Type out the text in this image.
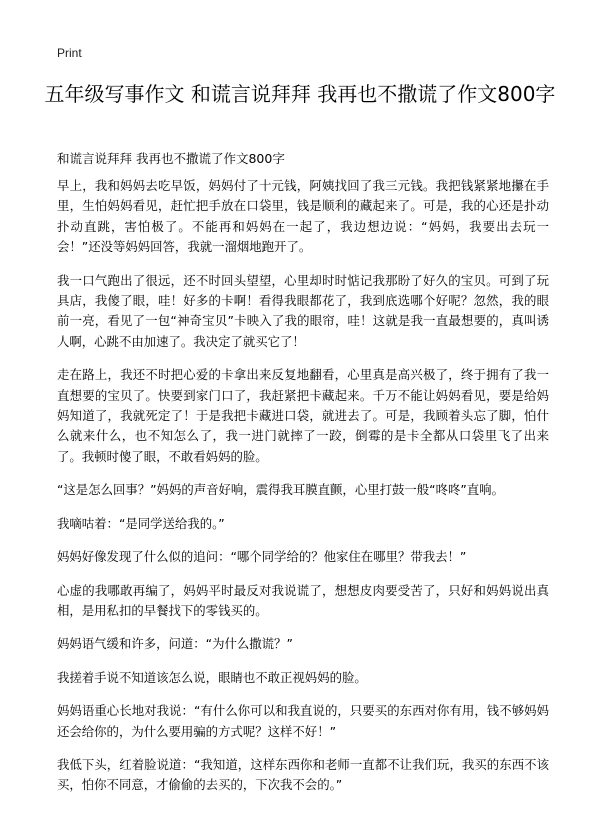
Print
五年级写事作文 和谎言说拜拜 我再也不撒谎了作文800字
和谎言说拜拜 我再也不撒谎了作文800字

早上，我和妈妈去吃早饭，妈妈付了十元钱，阿姨找回了我三元钱。我把钱紧紧地攥在手里，生怕妈妈看见，赶忙把手放在口袋里，钱是顺利的藏起来了。可是，我的心还是扑动扑动直跳，害怕极了。不能再和妈妈在一起了，我边想边说：“妈妈，我要出去玩一会！”还没等妈妈回答，我就一溜烟地跑开了。

我一口气跑出了很远，还不时回头望望，心里却时时惦记我那盼了好久的宝贝。可到了玩具店，我傻了眼，哇！好多的卡啊！看得我眼都花了，我到底选哪个好呢？忽然，我的眼前一亮，看见了一包“神奇宝贝”卡映入了我的眼帘，哇！这就是我一直最想要的，真叫诱人啊，心跳不由加速了。我决定了就买它了！

走在路上，我还不时把心爱的卡拿出来反复地翻看，心里真是高兴极了，终于拥有了我一直想要的宝贝了。快要到家门口了，我赶紧把卡藏起来。千万不能让妈妈看见，要是给妈妈知道了，我就死定了！于是我把卡藏进口袋，就进去了。可是，我顾着头忘了脚，怕什么就来什么，也不知怎么了，我一进门就摔了一跤，倒霉的是卡全都从口袋里飞了出来了。我顿时傻了眼，不敢看妈妈的脸。

“这是怎么回事？”妈妈的声音好响，震得我耳膜直颤，心里打鼓一般“咚咚”直响。

我嘀咕着：“是同学送给我的。”

妈妈好像发现了什么似的追问：“哪个同学给的？他家住在哪里？带我去！”

心虚的我哪敢再编了，妈妈平时最反对我说谎了，想想皮肉要受苦了，只好和妈妈说出真相，是用私扣的早餐找下的零钱买的。

妈妈语气缓和许多，问道：“为什么撒谎？”

我搓着手说不知道该怎么说，眼睛也不敢正视妈妈的脸。

妈妈语重心长地对我说：“有什么你可以和我直说的，只要买的东西对你有用，钱不够妈妈还会给你的，为什么要用骗的方式呢？这样不好！”

我低下头，红着脸说道：“我知道，这样东西你和老师一直都不让我们玩，我买的东西不该买，怕你不同意，才偷偷的去买的，下次我不会的。”
